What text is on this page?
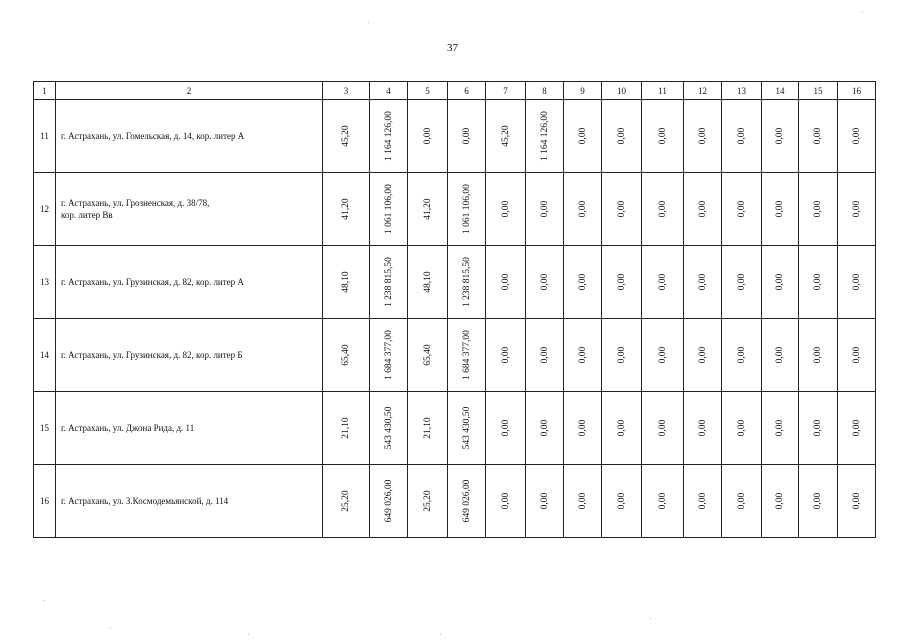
37
1	2	3	4	5	6	7	8	9	10	11	12	13	14	15	16
11	г. Астрахань, ул. Гомельская, д. 14, кор. литер А	45,20	1 164 126,00	0,00	0,00	45,20	1 164 126,00	0,00	0,00	0,00	0,00	0,00	0,00	0,00	0,00

12	г. Астрахань, ул. Грозненская, д. 38/78,
кор. литер Вв	41,20	1 061 106,00	41,20	1 061 106,00	0,00	0,00	0,00	0,00	0,00	0,00	0,00	0,00	0,00	0,00

13	г. Астрахань, ул. Грузинская, д. 82, кор. литер А	48,10	1 238 815,50	48,10	1 238 815,50	0,00	0,00	0,00	0,00	0,00	0,00	0,00	0,00	0,00	0,00

14	г. Астрахань, ул. Грузинская, д. 82, кор. литер Б	65,40	1 684 377,00	65,40	1 684 377,00	0,00	0,00	0,00	0,00	0,00	0,00	0,00	0,00	0,00	0,00

15	г. Астрахань, ул. Джона Рида, д. 11	21,10	543 430,50	21,10	543 430,50	0,00	0,00	0,00	0,00	0,00	0,00	0,00	0,00	0,00	0,00

16	г. Астрахань, ул. З.Космодемьянской, д. 114	25,20	649 026,00	25,20	649 026,00	0,00	0,00	0,00	0,00	0,00	0,00	0,00	0,00	0,00	0,00
